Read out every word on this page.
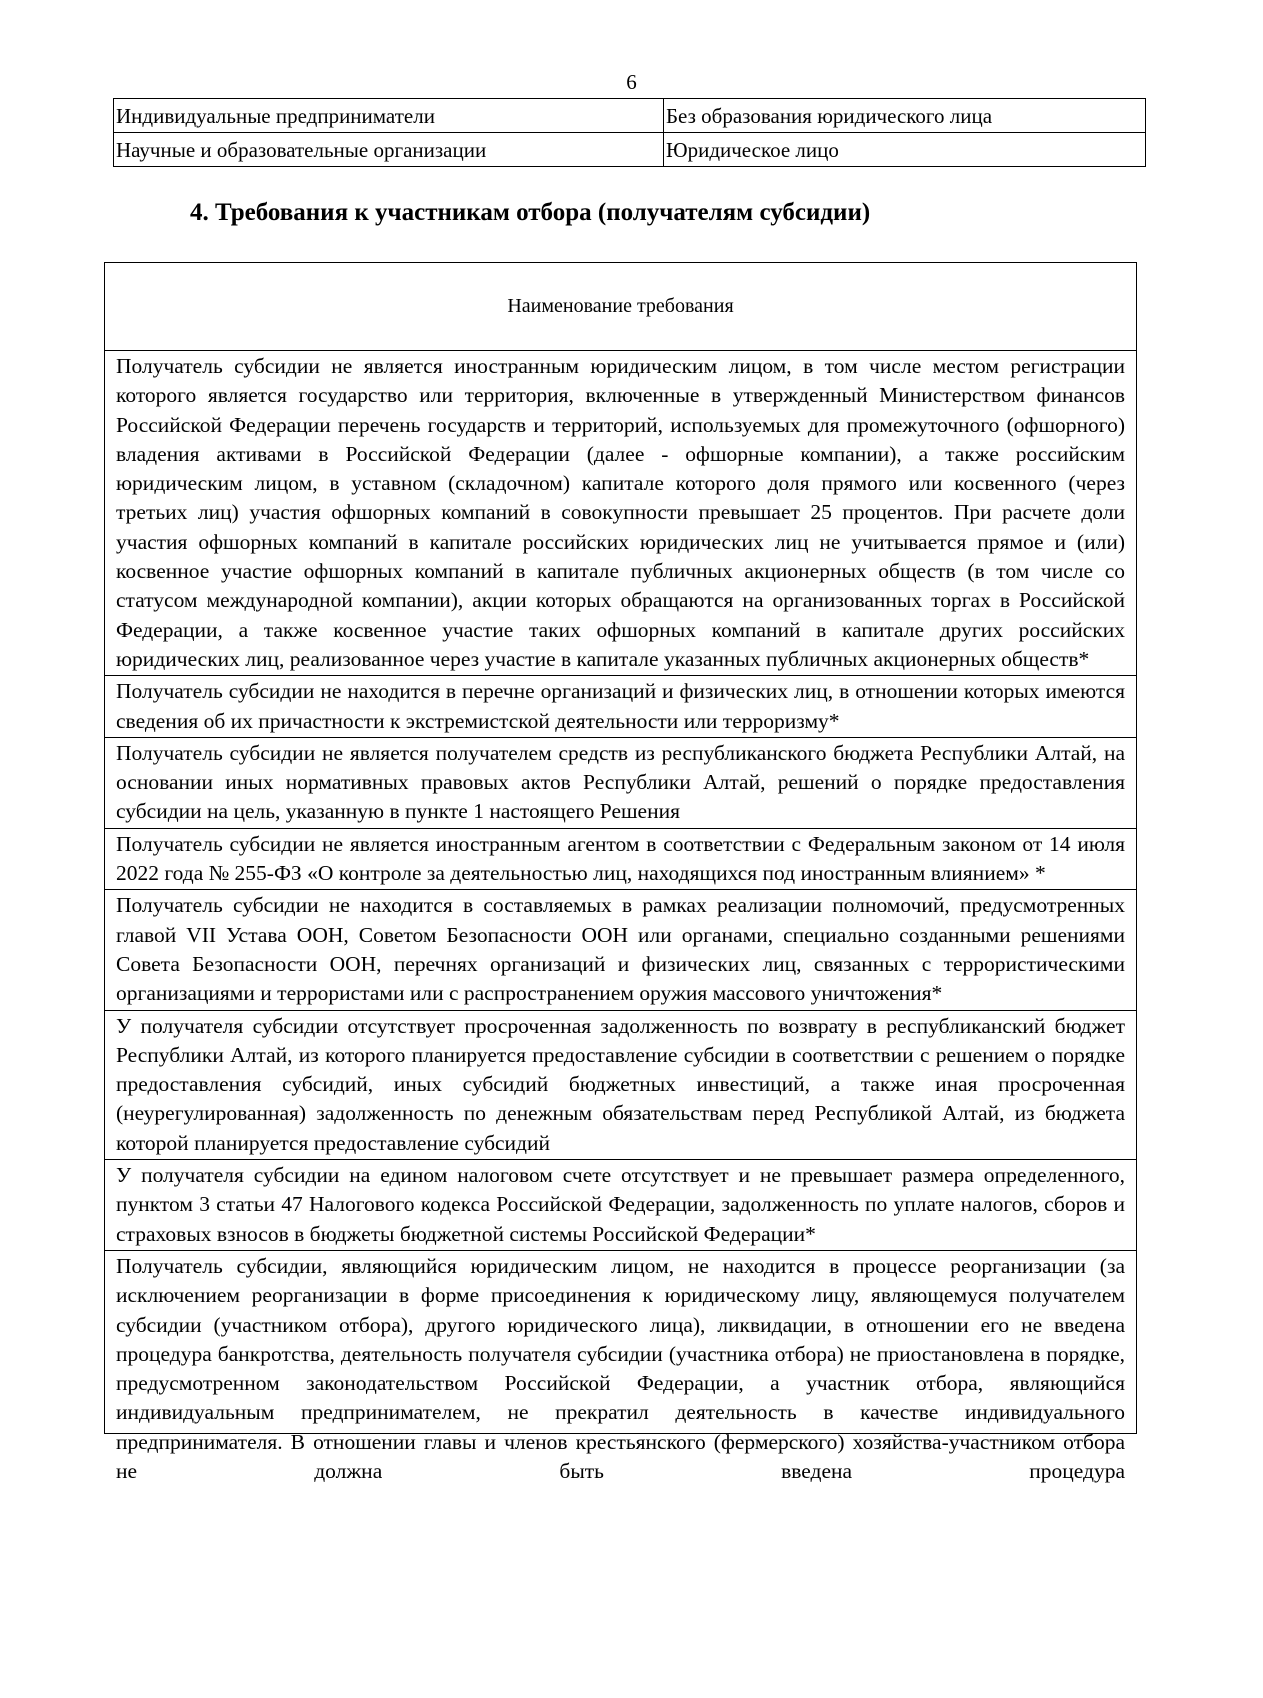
6
Индивидуальные предприниматели	Без образования юридического лица
Научные и образовательные организации	Юридическое лицо
4. Требования к участникам отбора (получателям субсидии)
Наименование требования
Получатель субсидии не является иностранным юридическим лицом, в том числе местом регистрации которого является государство или территория, включенные в утвержденный Министерством финансов Российской Федерации перечень государств и территорий, используемых для промежуточного (офшорного) владения активами в Российской Федерации (далее - офшорные компании), а также российским юридическим лицом, в уставном (складочном) капитале которого доля прямого или косвенного (через третьих лиц) участия офшорных компаний в совокупности превышает 25 процентов. При расчете доли участия офшорных компаний в капитале российских юридических лиц не учитывается прямое и (или) косвенное участие офшорных компаний в капитале публичных акционерных обществ (в том числе со статусом международной компании), акции которых обращаются на организованных торгах в Российской Федерации, а также косвенное участие таких офшорных компаний в капитале других российских юридических лиц, реализованное через участие в капитале указанных публичных акционерных обществ*
Получатель субсидии не находится в перечне организаций и физических лиц, в отношении которых имеются сведения об их причастности к экстремистской деятельности или терроризму*
Получатель субсидии не является получателем средств из республиканского бюджета Республики Алтай, на основании иных нормативных правовых актов Республики Алтай, решений о порядке предоставления субсидии на цель, указанную в пункте 1 настоящего Решения
Получатель субсидии не является иностранным агентом в соответствии с Федеральным законом от 14 июля 2022 года № 255-ФЗ «О контроле за деятельностью лиц, находящихся под иностранным влиянием» *
Получатель субсидии не находится в составляемых в рамках реализации полномочий, предусмотренных главой VII Устава ООН, Советом Безопасности ООН или органами, специально созданными решениями Совета Безопасности ООН, перечнях организаций и физических лиц, связанных с террористическими организациями и террористами или с распространением оружия массового уничтожения*
У получателя субсидии отсутствует просроченная задолженность по возврату в республиканский бюджет Республики Алтай, из которого планируется предоставление субсидии в соответствии с решением о порядке предоставления субсидий, иных субсидий бюджетных инвестиций, а также иная просроченная (неурегулированная) задолженность по денежным обязательствам перед Республикой Алтай, из бюджета которой планируется предоставление субсидий
У получателя субсидии на едином налоговом счете отсутствует и не превышает размера определенного, пунктом 3 статьи 47 Налогового кодекса Российской Федерации, задолженность по уплате налогов, сборов и страховых взносов в бюджеты бюджетной системы Российской Федерации*

Получатель субсидии, являющийся юридическим лицом, не находится в процессе реорганизации (за исключением реорганизации в форме присоединения к юридическому лицу, являющемуся получателем субсидии (участником отбора), другого юридического лица), ликвидации, в отношении его не введена процедура банкротства, деятельность получателя субсидии (участника отбора) не приостановлена в порядке, предусмотренном законодательством Российской Федерации, а участник отбора, являющийся индивидуальным предпринимателем, не прекратил деятельность в качестве индивидуального предпринимателя. В отношении главы и членов крестьянского (фермерского) хозяйства-участником отбора не должна быть введена процедура
